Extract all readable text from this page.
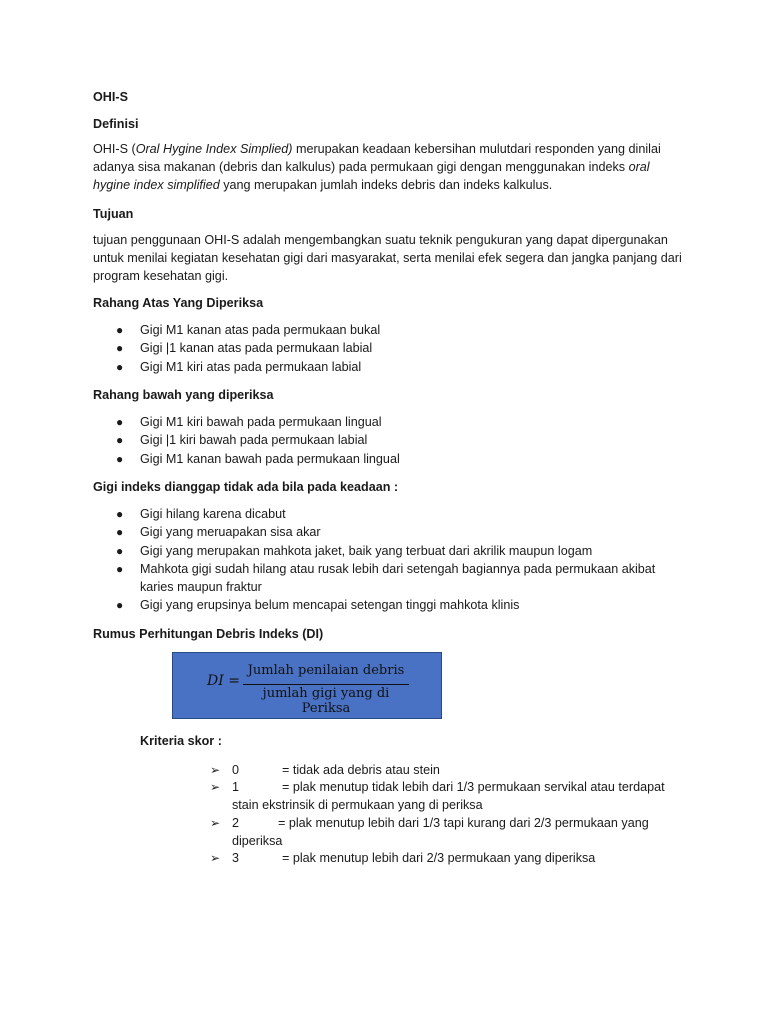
OHI-S
Definisi
OHI-S (Oral Hygine Index Simplied) merupakan keadaan kebersihan mulutdari responden yang dinilai adanya sisa makanan (debris dan kalkulus) pada permukaan gigi dengan menggunakan indeks oral hygine index simplified yang merupakan jumlah indeks debris dan indeks kalkulus.
Tujuan
tujuan penggunaan OHI-S adalah mengembangkan suatu teknik pengukuran yang dapat dipergunakan untuk menilai kegiatan kesehatan gigi dari masyarakat, serta menilai efek segera dan jangka panjang dari program kesehatan gigi.
Rahang Atas Yang Diperiksa
● Gigi M1 kanan atas pada permukaan bukal
● Gigi |1 kanan atas pada permukaan labial
● Gigi M1 kiri atas pada permukaan labial
Rahang bawah yang diperiksa
● Gigi M1 kiri bawah pada permukaan lingual
● Gigi |1 kiri bawah pada permukaan labial
● Gigi M1 kanan bawah pada permukaan lingual
Gigi indeks dianggap tidak ada bila pada keadaan :
● Gigi hilang karena dicabut
● Gigi yang meruapakan sisa akar
● Gigi yang merupakan mahkota jaket, baik yang terbuat dari akrilik maupun logam
● Mahkota gigi sudah hilang atau rusak lebih dari setengah bagiannya pada permukaan akibat karies maupun fraktur
● Gigi yang erupsinya belum mencapai setengan tinggi mahkota klinis
Rumus Perhitungan Debris Indeks (DI)
DI =
Jumlah penilaian debris
jumlah gigi yang di Periksa
Kriteria skor :
➢ 0	= tidak ada debris atau stein
➢ 1	= plak menutup tidak lebih dari 1/3 permukaan servikal atau terdapat stain ekstrinsik di permukaan yang di periksa
➢ 2	= plak menutup lebih dari 1/3 tapi kurang dari 2/3 permukaan yang diperiksa
➢ 3	= plak menutup lebih dari 2/3 permukaan yang diperiksa
